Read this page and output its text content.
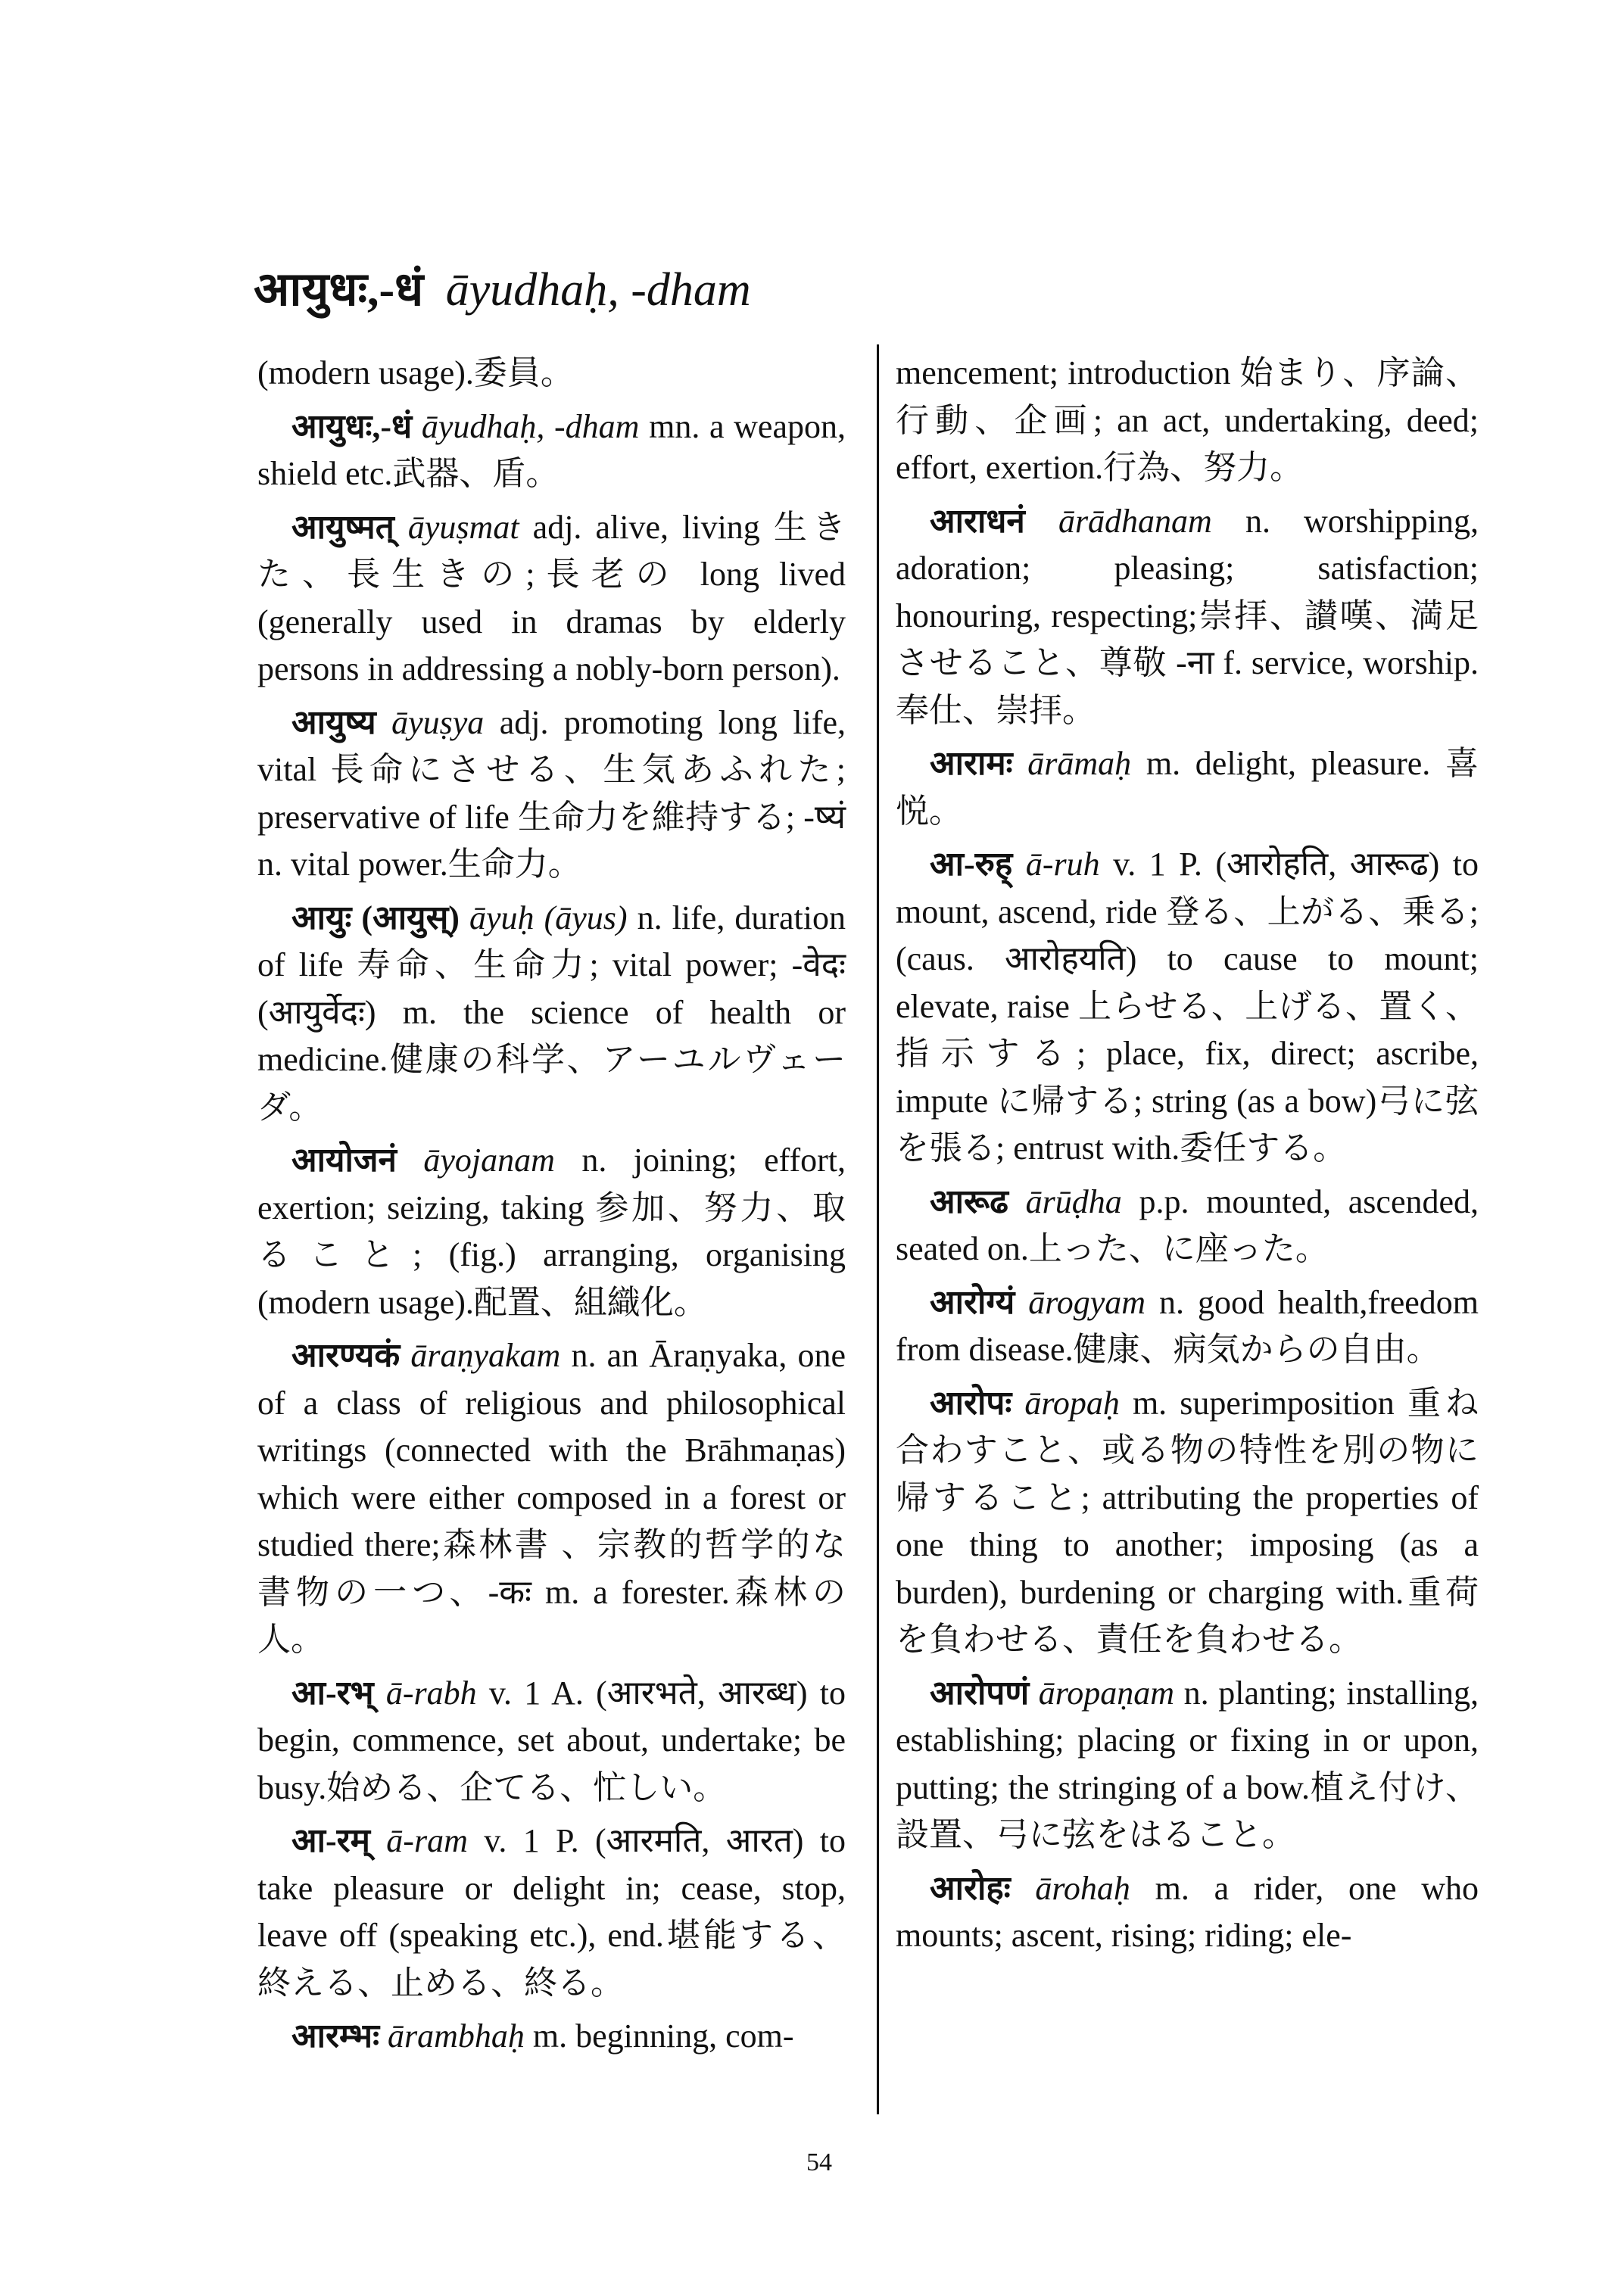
आयुधः,-धं āyudhaḥ, -dham

(modern usage).委員。

आयुधः,-धं āyudhaḥ, -dham mn. a weapon, shield etc.武器、盾。

आयुष्मत् āyuṣmat adj. alive, living 生きた、長生きの;長老の long lived (generally used in dramas by elderly persons in addressing a nobly-born person).

आयुष्य āyuṣya adj. promoting long life, vital 長命にさせる、生気あふれた; preservative of life 生命力を維持する; -ष्यं n. vital power.生命力。

आयुः (आयुस्) āyuḥ (āyus) n. life, duration of life 寿命、生命力; vital power; -वेदः (आयुर्वेदः) m. the science of health or medicine.健康の科学、アーユルヴェーダ。

आयोजनं āyojanam n. joining; effort, exertion; seizing, taking 参加、努力、取ること; (fig.) arranging, organising (modern usage).配置、組織化。

आरण्यकं āraṇyakam n. an Āraṇyaka, one of a class of religious and philosophical writings (connected with the Brāhmaṇas) which were either composed in a forest or studied there;森林書 、宗教的哲学的な書物の一つ、-कः m. a forester.森林の人。

आ-रभ् ā-rabh v. 1 A. (आरभते, आरब्ध) to begin, commence, set about, undertake; be busy.始める、企てる、忙しい。

आ-रम् ā-ram v. 1 P. (आरमति, आरत) to take pleasure or delight in; cease, stop, leave off (speaking etc.), end.堪能する、終える、止める、終る。

आरम्भः ārambhaḥ m. beginning, com-

mencement; introduction 始まり、序論、行動、企画; an act, undertaking, deed; effort, exertion.行為、努力。

आराधनं ārādhanam n. worshipping, adoration; pleasing; satisfaction; honouring, respecting;崇拝、讃嘆、満足させること、尊敬 -ना f. service, worship.奉仕、崇拝。

आरामः ārāmaḥ m. delight, pleasure. 喜悦。

आ-रुह् ā-ruh v. 1 P. (आरोहति, आरूढ) to mount, ascend, ride 登る、上がる、乗る; (caus. आरोहयति) to cause to mount; elevate, raise 上らせる、上げる、置く、指示する; place, fix, direct; ascribe, impute に帰する; string (as a bow)弓に弦を張る; entrust with.委任する。

आरूढ ārūḍha p.p. mounted, ascended, seated on.上った、に座った。

आरोग्यं ārogyam n. good health,freedom from disease.健康、病気からの自由。

आरोपः āropaḥ m. superimposition 重ね合わすこと、或る物の特性を別の物に帰すること; attributing the properties of one thing to another; imposing (as a burden), burdening or charging with.重荷を負わせる、責任を負わせる。

आरोपणं āropaṇam n. planting; installing, establishing; placing or fixing in or upon, putting; the stringing of a bow.植え付け、設置、弓に弦をはること。

आरोहः ārohaḥ m. a rider, one who mounts; ascent, rising; riding; ele-

54
